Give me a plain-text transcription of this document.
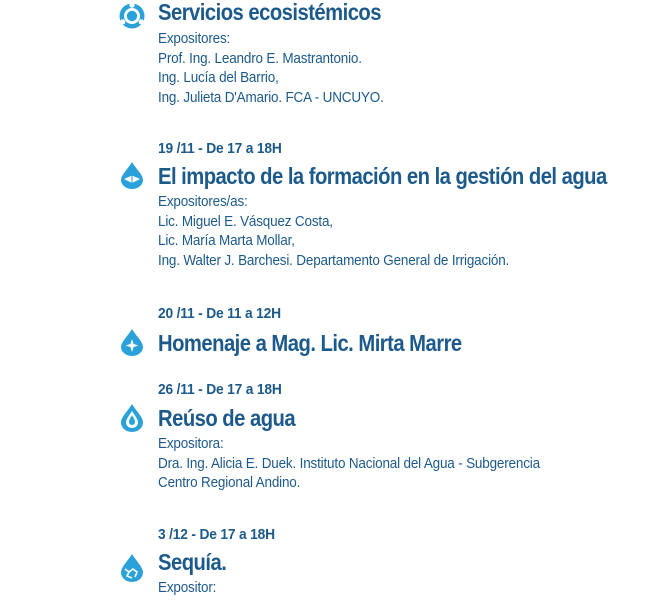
Servicios ecosistémicos
Expositores:
Prof. Ing. Leandro E. Mastrantonio.
Ing. Lucía del Barrio,
Ing. Julieta D'Amario. FCA - UNCUYO.
19 /11 - De 17 a 18H
El impacto de la formación en la gestión del agua
Expositores/as:
Lic. Miguel E. Vásquez Costa,
Lic. María Marta Mollar,
Ing. Walter J. Barchesi. Departamento General de Irrigación.
20 /11 - De 11 a 12H
Homenaje a Mag. Lic. Mirta Marre
26 /11 - De 17 a 18H
Reúso de agua
Expositora:
Dra. Ing. Alicia E. Duek. Instituto Nacional del Agua - Subgerencia
Centro Regional Andino.
3 /12 - De 17 a 18H
Sequía.
Expositor:
